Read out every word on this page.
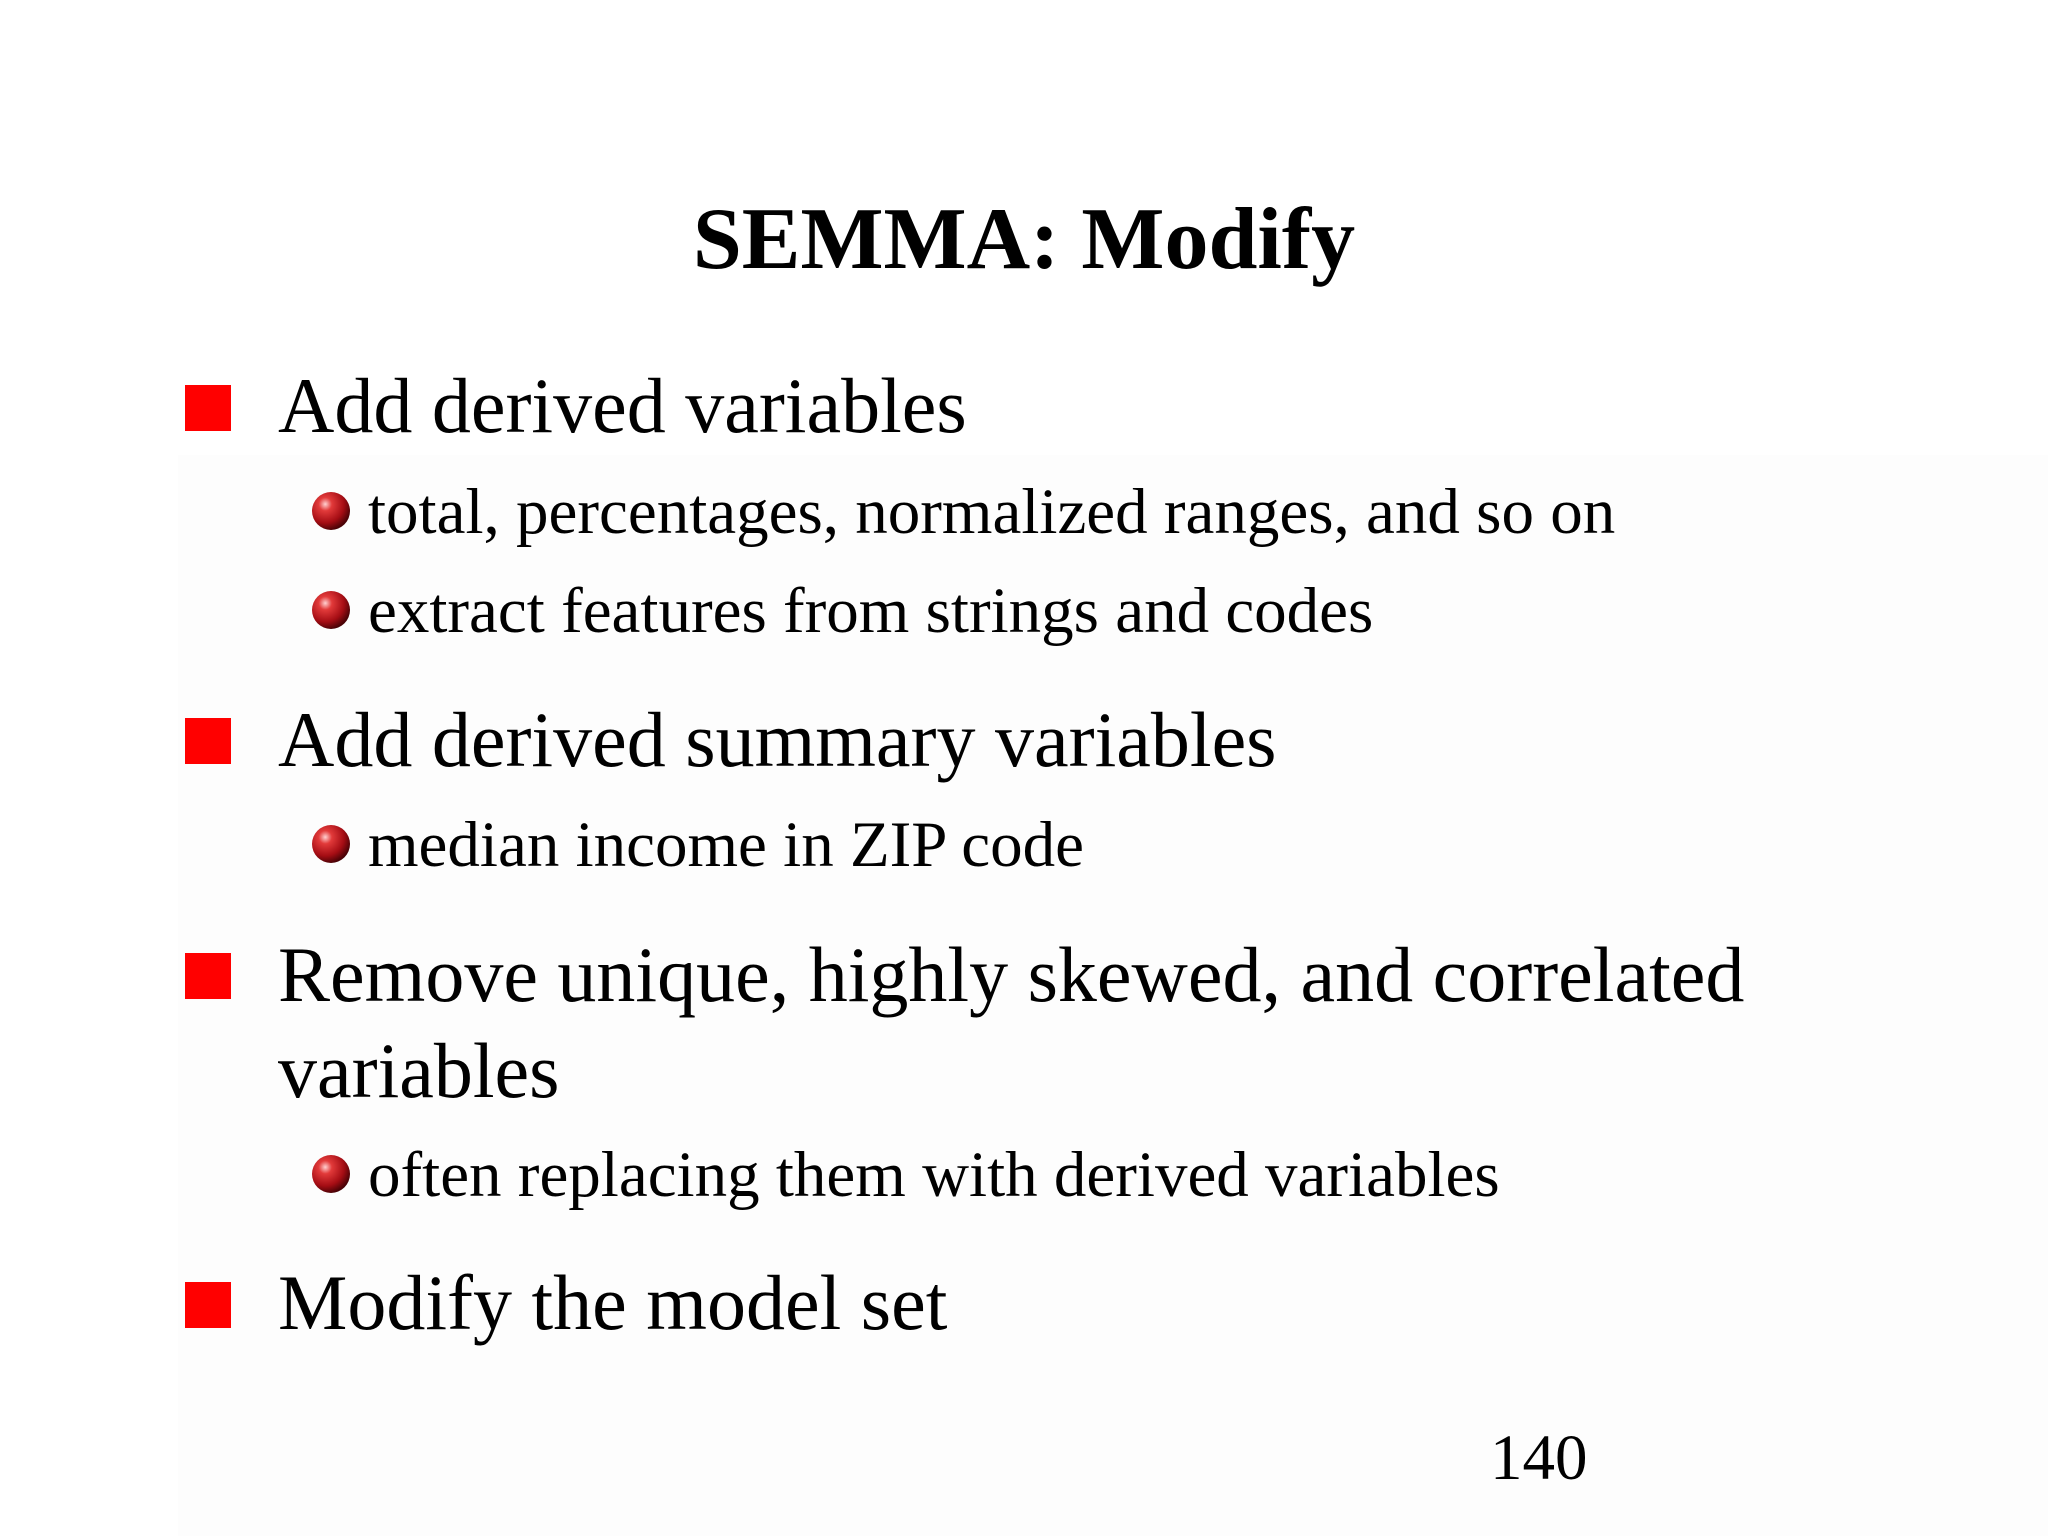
SEMMA: Modify

Add derived variables

total, percentages, normalized ranges, and so on

extract features from strings and codes

Add derived summary variables

median income in ZIP code

Remove unique, highly skewed, and correlated

variables

often replacing them with derived variables

Modify the model set

140
